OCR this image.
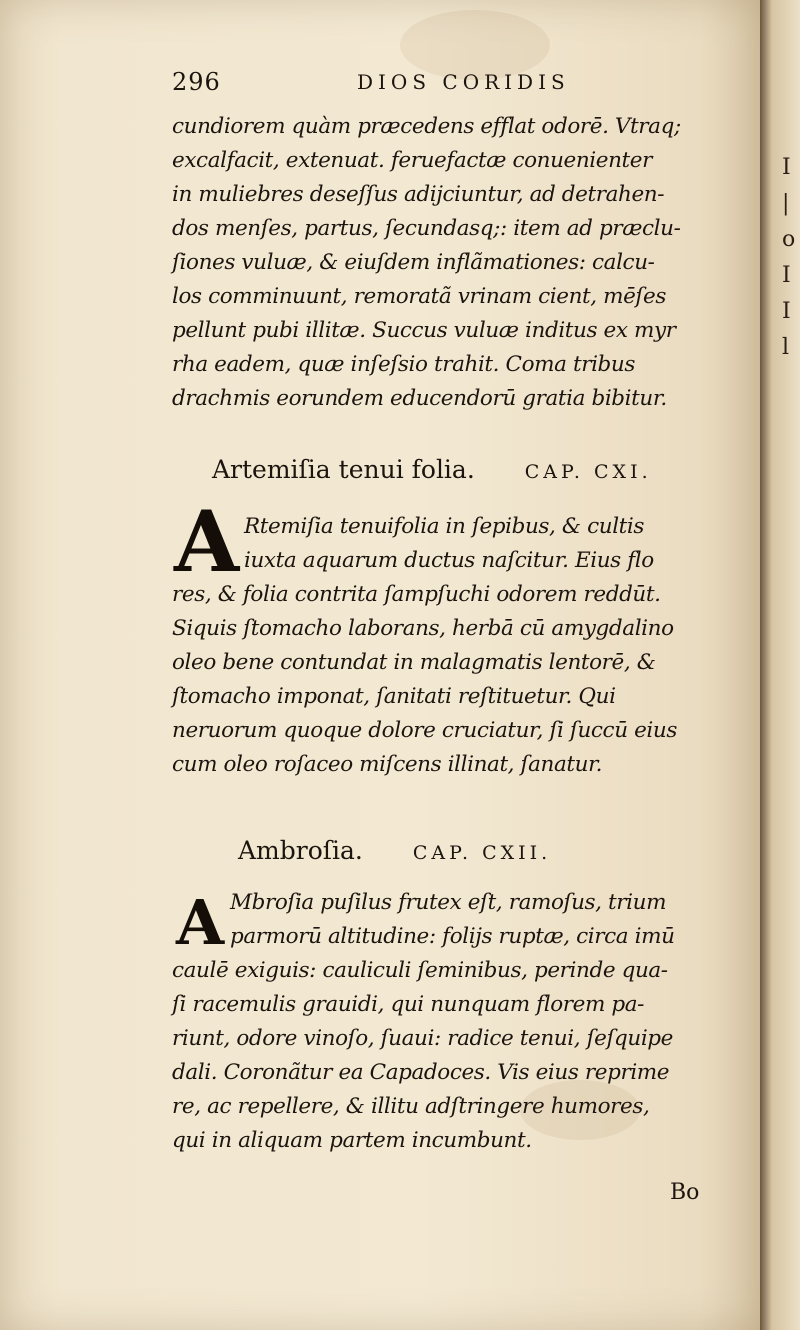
296	DIOS CORIDIS
cundiorem quàm præcedens efflat odorē. Vtraq;
excalfacit, extenuat. feruefactæ conuenienter
in muliebres deseſſus adijciuntur, ad detrahen-
dos menſes, partus, ſecundasq;: item ad præclu-
ſiones vuluæ, & eiuſdem inflãmationes: calcu-
los comminuunt, remoratã vrinam cient, mēſes
pellunt pubi illitæ. Succus vuluæ inditus ex myr
rha eadem, quæ inſeſsio trahit. Coma tribus
drachmis eorundem educendorū gratia bibitur.
Artemiſia tenui folia.	CAP. CXI.
A Rtemiſia tenuifolia in ſepibus, & cultis
iuxta aquarum ductus naſcitur. Eius flo
res, & folia contrita ſampſuchi odorem reddūt.
Siquis ſtomacho laborans, herbā cū amygdalino
oleo bene contundat in malagmatis lentorē, &
ſtomacho imponat, ſanitati reſtituetur. Qui
neruorum quoque dolore cruciatur, ſi ſuccū eius
cum oleo roſaceo miſcens illinat, ſanatur.
Ambroſia.	CAP. CXII.
A Mbroſia puſilus frutex eſt, ramoſus, trium
parmorū altitudine: folijs ruptæ, circa imū
caulē exiguis: cauliculi ſeminibus, perinde qua-
ſi racemulis grauidi, qui nunquam florem pa-
riunt, odore vinoſo, ſuaui: radice tenui, ſeſquipe
dali. Coronãtur ea Capadoces. Vis eius reprime
re, ac repellere, & illitu adſtringere humores,
qui in aliquam partem incumbunt.
Bo
I
|
o
I
I
l
